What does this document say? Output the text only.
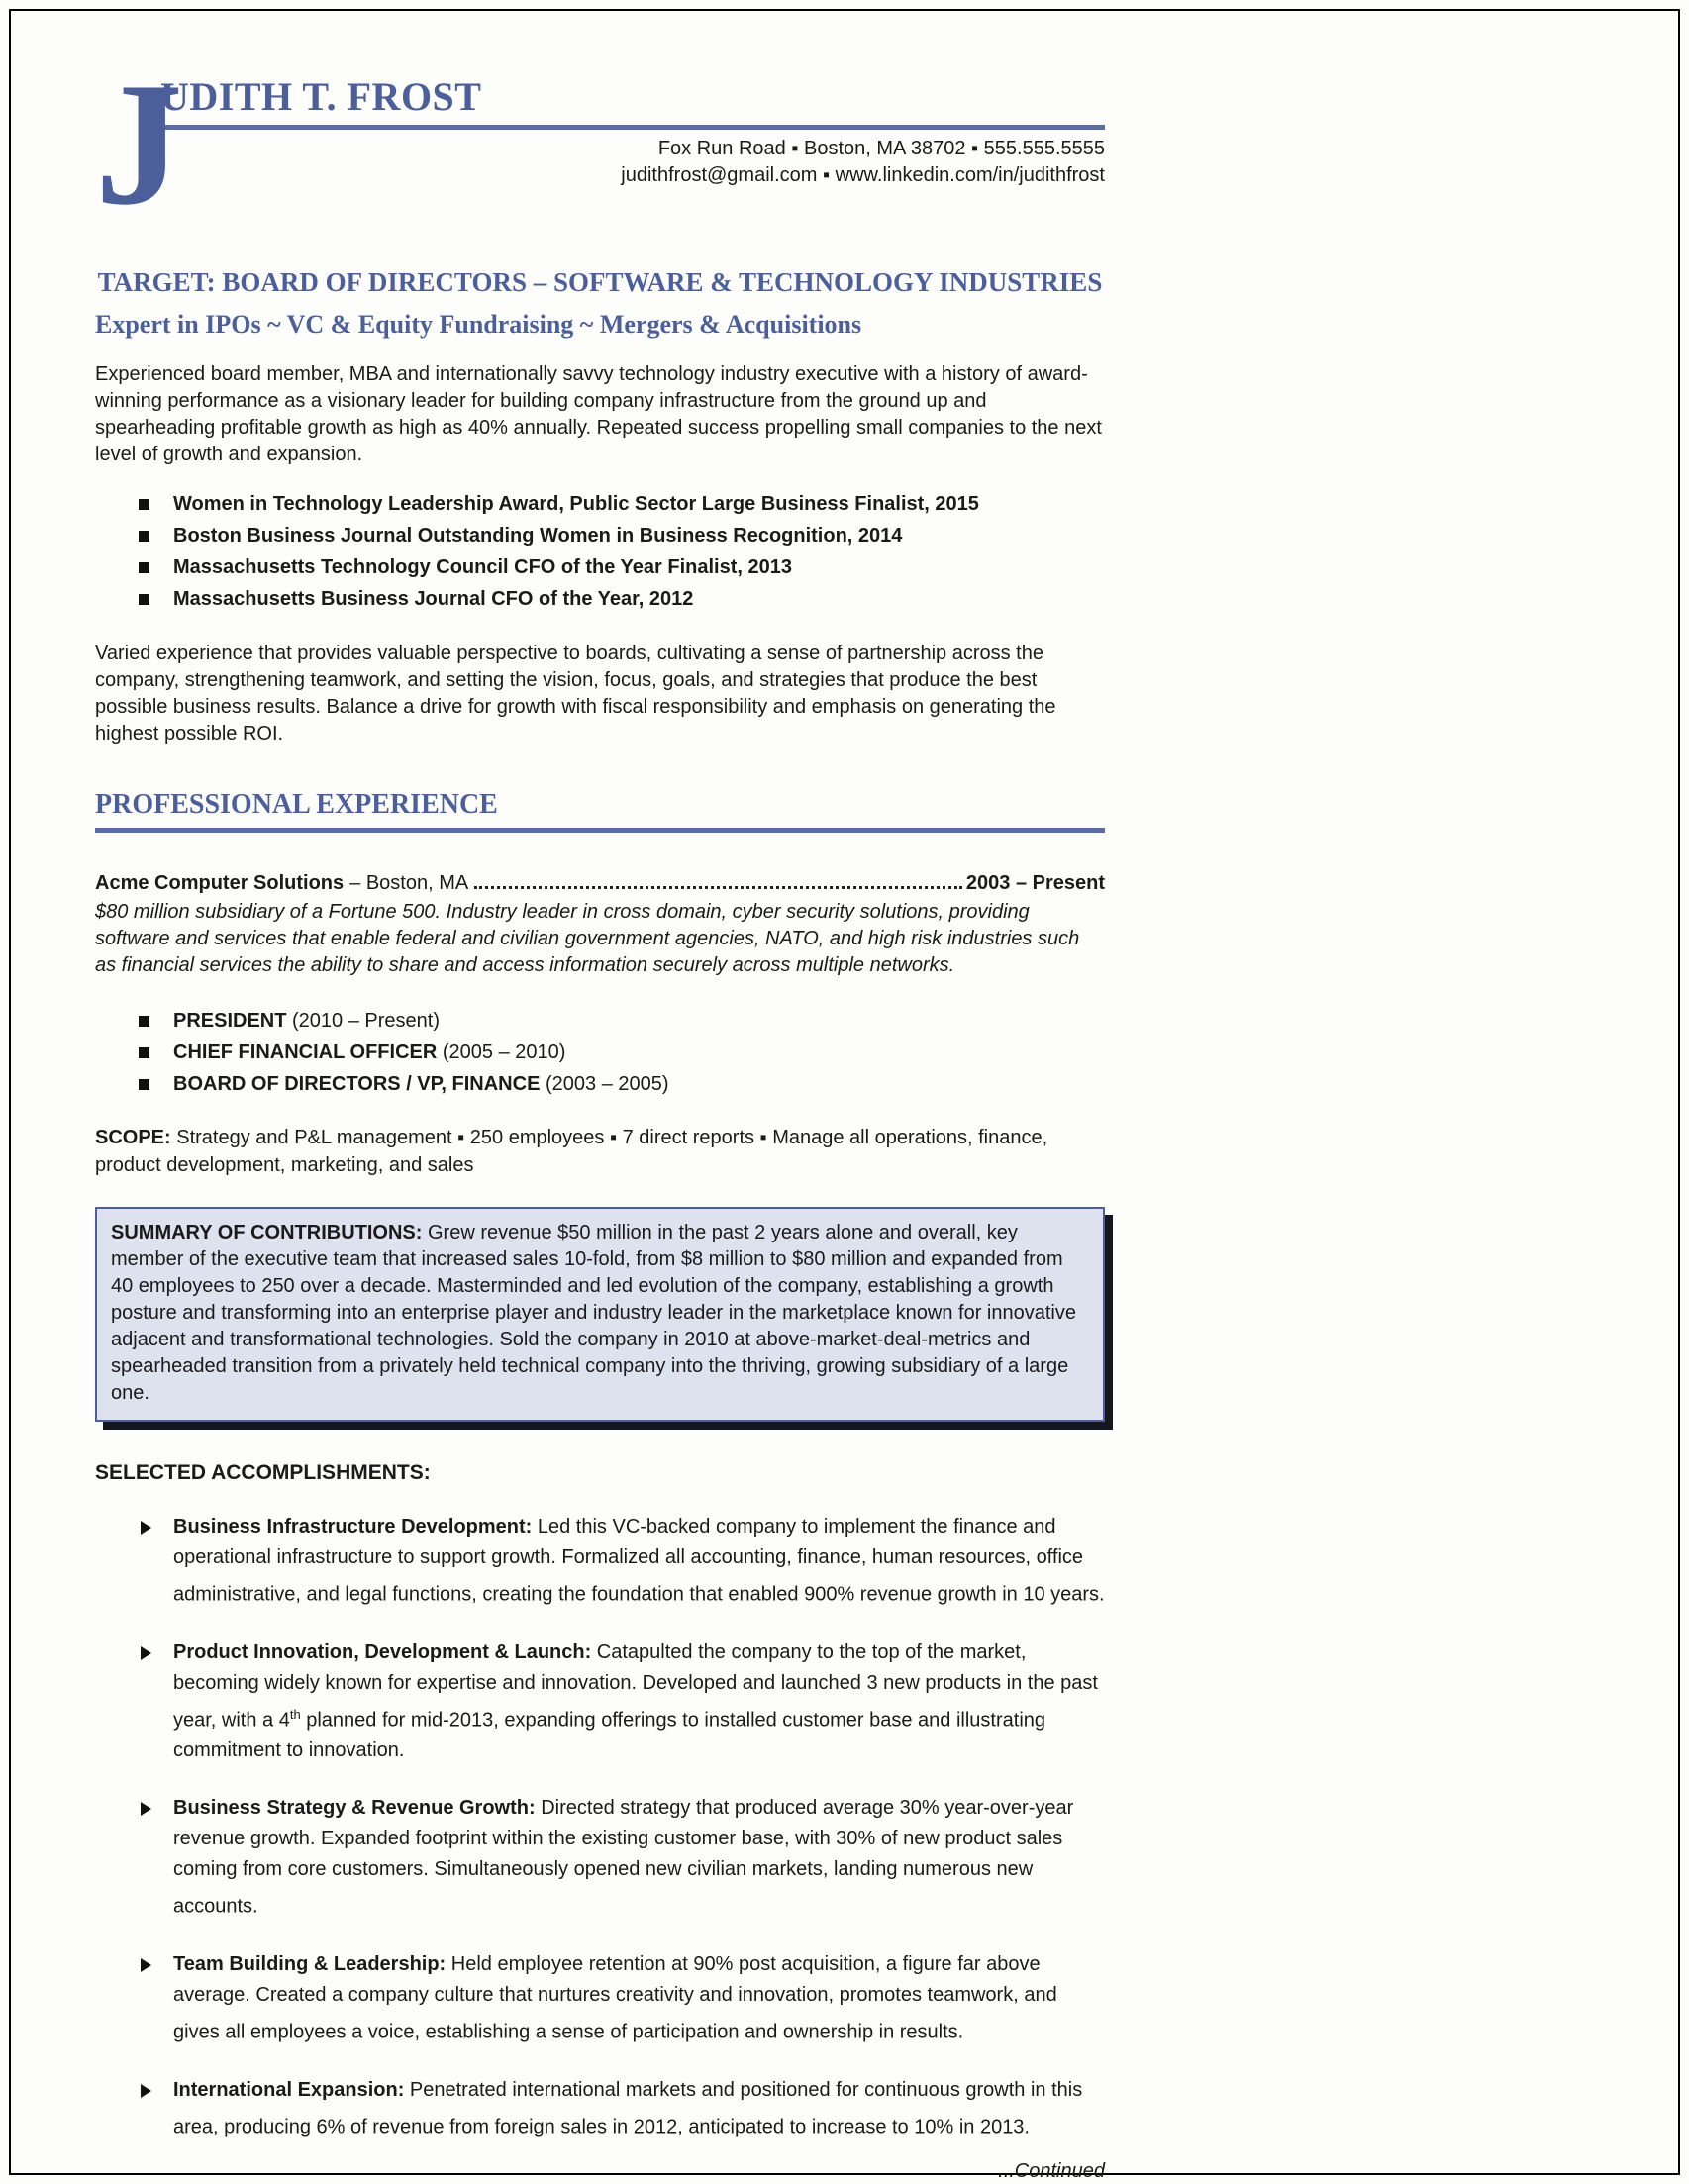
J
UDITH T. FROST
Fox Run Road ▪ Boston, MA 38702 ▪ 555.555.5555
judithfrost@gmail.com ▪ www.linkedin.com/in/judithfrost
TARGET: BOARD OF DIRECTORS – SOFTWARE & TECHNOLOGY INDUSTRIES
Expert in IPOs ~ VC & Equity Fundraising ~ Mergers & Acquisitions

Experienced board member, MBA and internationally savvy technology industry executive with a history of award-winning performance as a visionary leader for building company infrastructure from the ground up and spearheading profitable growth as high as 40% annually. Repeated success propelling small companies to the next level of growth and expansion.

Women in Technology Leadership Award, Public Sector Large Business Finalist, 2015
Boston Business Journal Outstanding Women in Business Recognition, 2014
Massachusetts Technology Council CFO of the Year Finalist, 2013
Massachusetts Business Journal CFO of the Year, 2012

Varied experience that provides valuable perspective to boards, cultivating a sense of partnership across the company, strengthening teamwork, and setting the vision, focus, goals, and strategies that produce the best possible business results. Balance a drive for growth with fiscal responsibility and emphasis on generating the highest possible ROI.

PROFESSIONAL EXPERIENCE
Acme Computer Solutions – Boston, MA	2003 – Present

$80 million subsidiary of a Fortune 500. Industry leader in cross domain, cyber security solutions, providing software and services that enable federal and civilian government agencies, NATO, and high risk industries such as financial services the ability to share and access information securely across multiple networks.

PRESIDENT (2010 – Present)
CHIEF FINANCIAL OFFICER (2005 – 2010)
BOARD OF DIRECTORS / VP, FINANCE (2003 – 2005)

SCOPE: Strategy and P&L management ▪ 250 employees ▪ 7 direct reports ▪ Manage all operations, finance, product development, marketing, and sales

SUMMARY OF CONTRIBUTIONS: Grew revenue $50 million in the past 2 years alone and overall, key member of the executive team that increased sales 10-fold, from $8 million to $80 million and expanded from 40 employees to 250 over a decade. Masterminded and led evolution of the company, establishing a growth posture and transforming into an enterprise player and industry leader in the marketplace known for innovative adjacent and transformational technologies. Sold the company in 2010 at above-market-deal-metrics and spearheaded transition from a privately held technical company into the thriving, growing subsidiary of a large one.
SELECTED ACCOMPLISHMENTS:
Business Infrastructure Development: Led this VC-backed company to implement the finance and operational infrastructure to support growth. Formalized all accounting, finance, human resources, office administrative, and legal functions, creating the foundation that enabled 900% revenue growth in 10 years.
Product Innovation, Development & Launch: Catapulted the company to the top of the market, becoming widely known for expertise and innovation. Developed and launched 3 new products in the past year, with a 4th planned for mid-2013, expanding offerings to installed customer base and illustrating commitment to innovation.
Business Strategy & Revenue Growth: Directed strategy that produced average 30% year-over-year revenue growth. Expanded footprint within the existing customer base, with 30% of new product sales coming from core customers. Simultaneously opened new civilian markets, landing numerous new accounts.
Team Building & Leadership: Held employee retention at 90% post acquisition, a figure far above average. Created a company culture that nurtures creativity and innovation, promotes teamwork, and gives all employees a voice, establishing a sense of participation and ownership in results.
International Expansion: Penetrated international markets and positioned for continuous growth in this area, producing 6% of revenue from foreign sales in 2012, anticipated to increase to 10% in 2013.
...Continued
